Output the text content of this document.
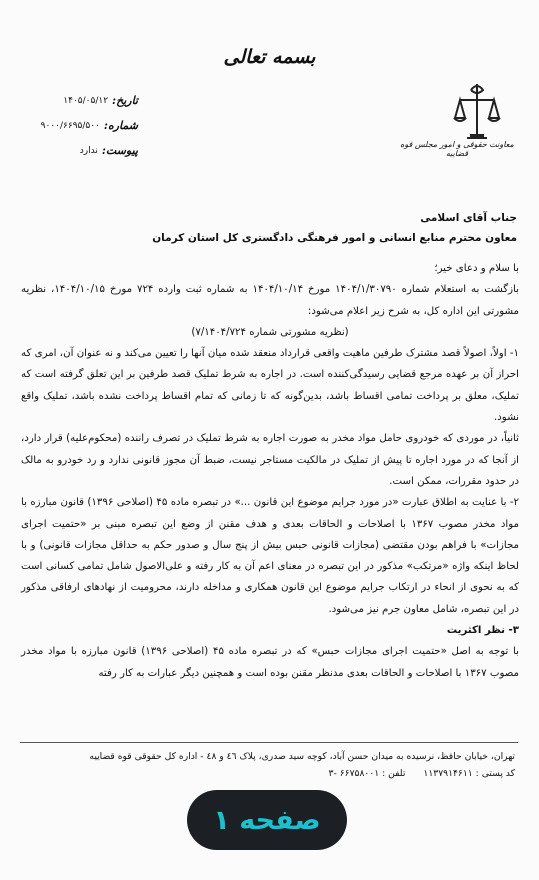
بسمه تعالی
معاونت حقوقی و امور مجلس قوه قضاییه
تاریخ:
۱۴۰۵/۰۵/۱۲
شماره:
۹۰۰۰/۶۶۹۵/۵۰۰
پیوست:
ندارد
جناب آقای اسلامی
معاون محترم منابع انسانی و امور فرهنگی دادگستری کل استان کرمان

با سلام و دعای خیر؛

بازگشت به استعلام شماره ۱۴۰۴/۱/۳۰۷۹۰ مورخ ۱۴۰۴/۱۰/۱۴ به شماره ثبت وارده ۷۲۴ مورخ ۱۴۰۴/۱۰/۱۵، نظریه مشورتی این اداره کل، به شرح زیر اعلام می‌شود:

(نظریه مشورتی شماره ۷/۱۴۰۴/۷۲۴)

۱- اولاً، اصولاً قصد مشترک طرفین ماهیت واقعی قرارداد منعقد شده میان آنها را تعیین می‌کند و نه عنوان آن، امری که احراز آن بر عهده مرجع قضایی رسیدگی‌کننده است. در اجاره به شرط تملیک قصد طرفین بر این تعلق گرفته است که تملیک، معلق بر پرداخت تمامی اقساط باشد، بدین‌گونه که تا زمانی که تمام اقساط پرداخت نشده باشد، تملیک واقع نشود.

ثانیاً، در موردی که خودروی حامل مواد مخدر به صورت اجاره به شرط تملیک در تصرف راننده (محکوم‌علیه) قرار دارد، از آنجا که در مورد اجاره تا پیش از تملیک در مالکیت مستاجر نیست، ضبط آن مجوز قانونی ندارد و رد خودرو به مالک در حدود مقررات، ممکن است.

۲- با عنایت به اطلاق عبارت «در مورد جرایم موضوع این قانون ...» در تبصره ماده ۴۵ (اصلاحی ۱۳۹۶) قانون مبارزه با مواد مخدر مصوب ۱۳۶۷ با اصلاحات و الحاقات بعدی و هدف مقنن از وضع این تبصره مبنی بر «حتمیت اجرای مجازات» با فراهم بودن مقتضی (مجازات قانونی حبس بیش از پنج سال و صدور حکم به حداقل مجازات قانونی) و با لحاظ اینکه واژه «مرتکب» مذکور در این تبصره در معنای اعم آن به کار رفته و علی‌الاصول شامل تمامی کسانی است که به نحوی از انحاء در ارتکاب جرایم موضوع این قانون همکاری و مداخله دارند، محرومیت از نهادهای ارفاقی مذکور در این تبصره، شامل معاون جرم نیز می‌شود.

۳- نظر اکثریت

با توجه به اصل «حتمیت اجرای مجازات حبس» که در تبصره ماده ۴۵ (اصلاحی ۱۳۹۶) قانون مبارزه با مواد مخدر مصوب ۱۳۶۷ با اصلاحات و الحاقات بعدی مدنظر مقنن بوده است و همچنین دیگر عبارات به کار رفته

تهران، خیابان حافظ، نرسیده به میدان حسن آباد، کوچه سید صدری، پلاک ٤٦ و ٤٨ - اداره کل حقوقی قوه قضاییه
کد پستی : ۱۱۳۷۹۱۴۶۱۱
تلفن : ۶۶۷۵۸۰۰۱ -۳
صفحه ۱
